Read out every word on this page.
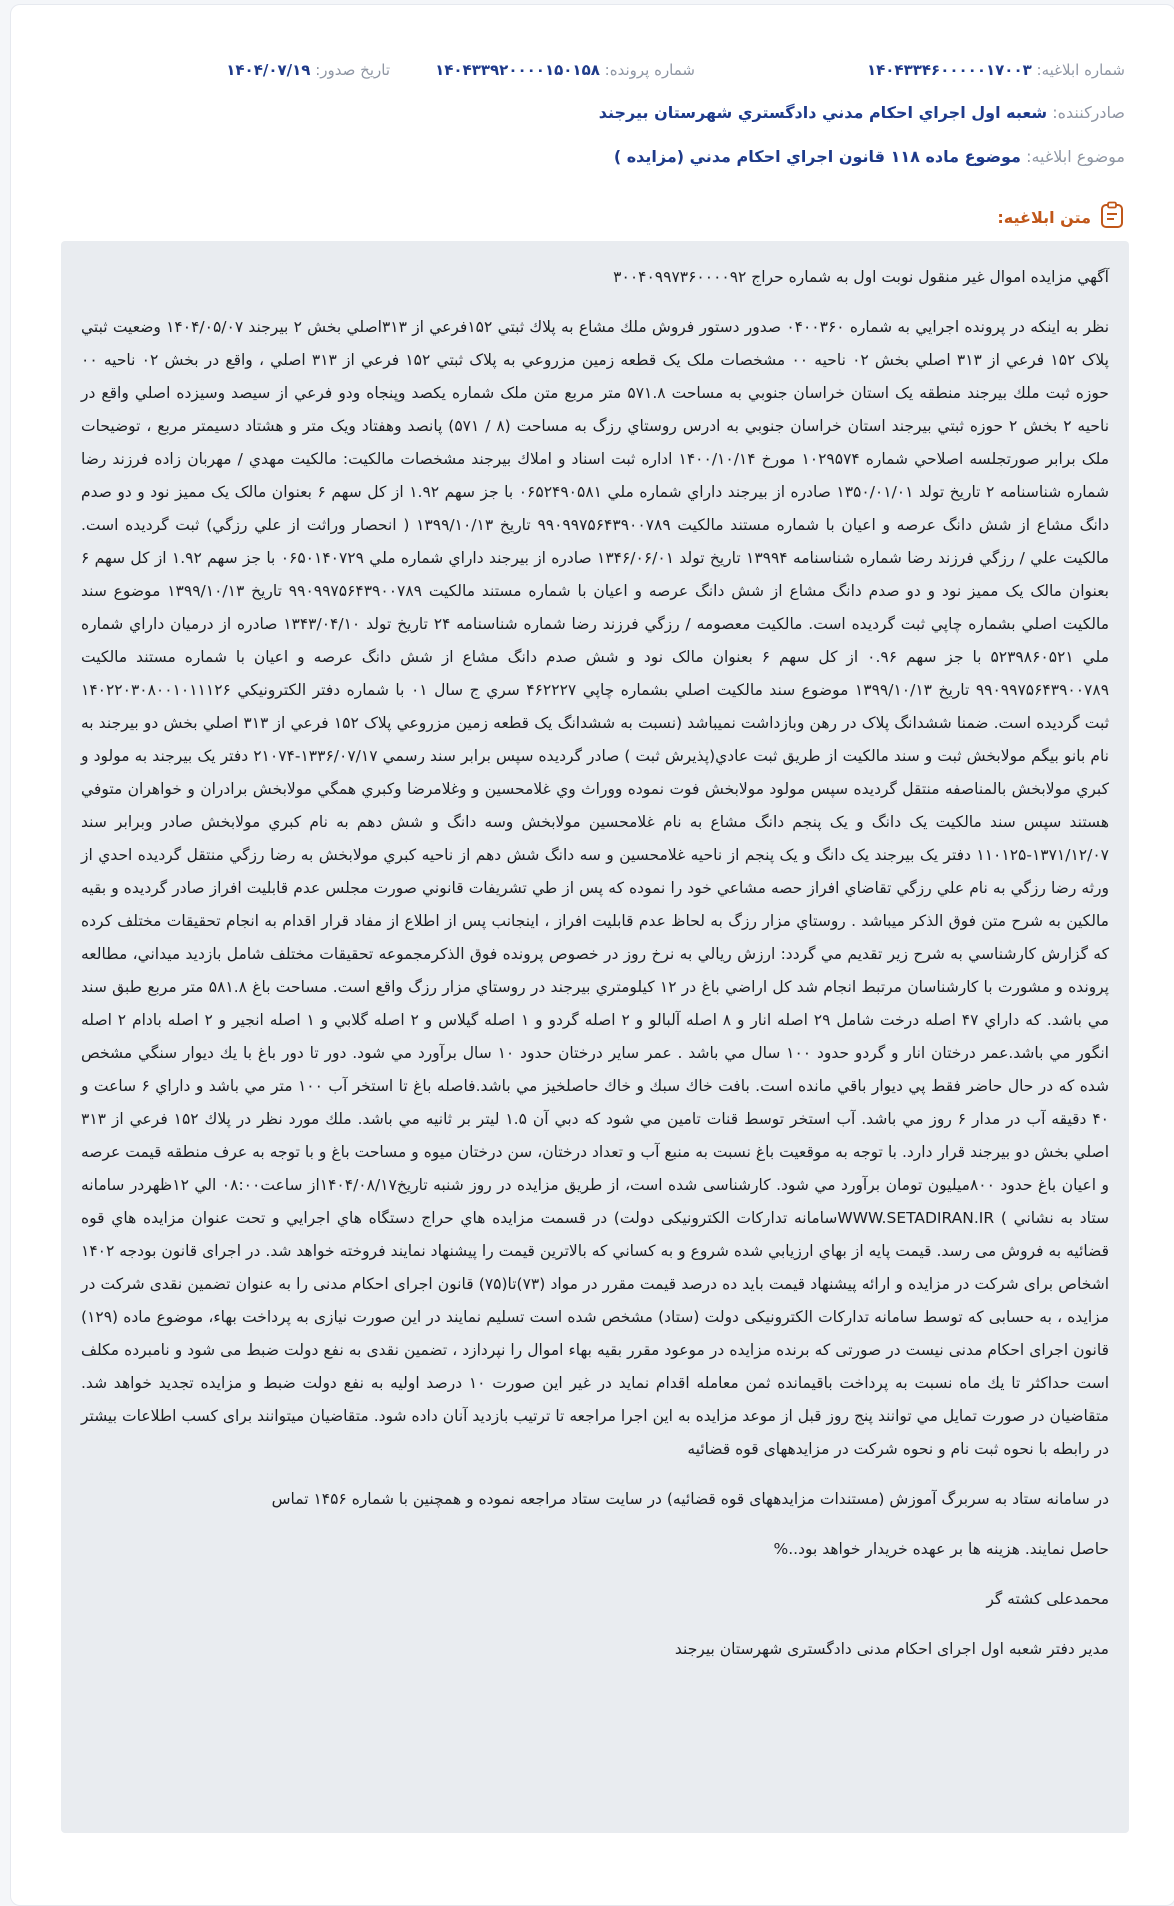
شماره ابلاغیه: ۱۴۰۴۳۳۴۶۰۰۰۰۰۱۷۰۰۳
شماره پرونده: ۱۴۰۴۳۳۹۲۰۰۰۰۱۵۰۱۵۸
تاریخ صدور: ۱۴۰۴/۰۷/۱۹
صادرکننده: شعبه اول اجراي احكام مدني دادگستري شهرستان بيرجند
موضوع ابلاغیه: موضوع ماده ۱۱۸ قانون اجراي احكام مدني (مزايده )
متن ابلاغیه:

آگهي مزايده اموال غير منقول نوبت اول به شماره حراج ۳۰۰۴۰۹۹۷۳۶۰۰۰۰۹۲

نظر به اينكه در پرونده اجرايي به شماره ۰۴۰۰۳۶۰ صدور دستور فروش ملك مشاع به پلاك ثبتي ۱۵۲فرعي از ۳۱۳اصلي بخش ۲ بيرجند ۱۴۰۴/۰۵/۰۷ وضعيت ثبتي پلاک ۱۵۲ فرعي از ۳۱۳ اصلي بخش ۰۲ ناحيه ۰۰ مشخصات ملک يک قطعه زمين مزروعي به پلاک ثبتي ۱۵۲ فرعي از ۳۱۳ اصلي ، واقع در بخش ۰۲ ناحيه ۰۰ حوزه ثبت ملك بيرجند منطقه يک استان خراسان جنوبي به مساحت ۵۷۱.۸ متر مربع متن ملک شماره يکصد وپنجاه ودو فرعي از سيصد وسيزده اصلي واقع در ناحيه ۲ بخش ۲ حوزه ثبتي بيرجند استان خراسان جنوبي به ادرس روستاي رزگ به مساحت (۸ / ۵۷۱) پانصد وهفتاد ويک متر و هشتاد دسيمتر مربع ، توضيحات ملک برابر صورتجلسه اصلاحي شماره ۱۰۲۹۵۷۴ مورخ ۱۴۰۰/۱۰/۱۴ اداره ثبت اسناد و املاك بيرجند مشخصات مالكيت: مالکيت مهدي / مهربان زاده فرزند رضا شماره شناسنامه ۲ تاريخ تولد ۱۳۵۰/۰۱/۰۱ صادره از بيرجند داراي شماره ملي ۰۶۵۲۴۹۰۵۸۱ با جز سهم ۱.۹۲ از کل سهم ۶ بعنوان مالک يک مميز نود و دو صدم دانگ مشاع از شش دانگ عرصه و اعيان با شماره مستند مالکيت ۹۹۰۹۹۷۵۶۴۳۹۰۰۷۸۹ تاريخ ۱۳۹۹/۱۰/۱۳ ( انحصار وراثت از علي رزگي) ثبت گرديده است. مالکيت علي / رزگي فرزند رضا شماره شناسنامه ۱۳۹۹۴ تاريخ تولد ۱۳۴۶/۰۶/۰۱ صادره از بيرجند داراي شماره ملي ۰۶۵۰۱۴۰۷۲۹ با جز سهم ۱.۹۲ از کل سهم ۶ بعنوان مالک يک مميز نود و دو صدم دانگ مشاع از شش دانگ عرصه و اعيان با شماره مستند مالکيت ۹۹۰۹۹۷۵۶۴۳۹۰۰۷۸۹ تاريخ ۱۳۹۹/۱۰/۱۳ موضوع سند مالكيت اصلي بشماره چاپي ثبت گرديده است. مالکيت معصومه / رزگي فرزند رضا شماره شناسنامه ۲۴ تاريخ تولد ۱۳۴۳/۰۴/۱۰ صادره از درميان داراي شماره ملي ۵۲۳۹۸۶۰۵۲۱ با جز سهم ۰.۹۶ از کل سهم ۶ بعنوان مالک نود و شش صدم دانگ مشاع از شش دانگ عرصه و اعيان با شماره مستند مالکيت ۹۹۰۹۹۷۵۶۴۳۹۰۰۷۸۹ تاريخ ۱۳۹۹/۱۰/۱۳ موضوع سند مالكيت اصلي بشماره چاپي ۴۶۲۲۲۷ سري ج سال ۰۱ با شماره دفتر الكترونيكي ۱۴۰۲۲۰۳۰۸۰۰۱۰۱۱۱۲۶ ثبت گرديده است. ضمنا ششدانگ پلاک در رهن وبازداشت نميباشد (نسبت به ششدانگ يک قطعه زمين مزروعي پلاک ۱۵۲ فرعي از ۳۱۳ اصلي بخش دو بيرجند به نام بانو بيگم مولابخش ثبت و سند مالکيت از طريق ثبت عادي(پذيرش ثبت ) صادر گرديده سپس برابر سند رسمي ۱۳۳۶/۰۷/۱۷-۲۱۰۷۴ دفتر يک بيرجند به مولود و کبري مولابخش بالمناصفه منتقل گرديده سپس مولود مولابخش فوت نموده ووراث وي غلامحسين و وغلامرضا وکبري همگي مولابخش برادران و خواهران متوفي هستند سپس سند مالکيت يک دانگ و يک پنجم دانگ مشاع به نام غلامحسين مولابخش وسه دانگ و شش دهم به نام کبري مولابخش صادر وبرابر سند ۱۳۷۱/۱۲/۰۷-۱۱۰۱۲۵ دفتر يک بيرجند يک دانگ و يک پنجم از ناحيه غلامحسين و سه دانگ شش دهم از ناحيه کبري مولابخش به رضا رزگي منتقل گرديده احدي از ورثه رضا رزگي به نام علي رزگي تقاضاي افراز حصه مشاعي خود را نموده كه پس از طي تشريفات قانوني صورت مجلس عدم قابليت افراز صادر گرديده و بقيه مالکين به شرح متن فوق الذكر ميباشد . روستاي مزار رزگ به لحاظ عدم قابليت افراز ، اينجانب پس از اطلاع از مفاد قرار اقدام به انجام تحقيقات مختلف کرده که گزارش کارشناسي به شرح زير تقديم مي گردد: ارزش ريالي به نرخ روز در خصوص پرونده فوق الذكرمجموعه تحقيقات مختلف شامل بازديد ميداني، مطالعه پرونده و مشورت با کارشناسان مرتبط انجام شد کل اراضي باغ در ۱۲ کيلومتري بيرجند در روستاي مزار رزگ واقع است. مساحت باغ ۵۸۱.۸ متر مربع طبق سند مي باشد. که داراي ۴۷ اصله درخت شامل ۲۹ اصله انار و ۸ اصله آلبالو و ۲ اصله گردو و ۱ اصله گيلاس و ۲ اصله گلابي و ۱ اصله انجير و ۲ اصله بادام ۲ اصله انگور مي باشد.عمر درختان انار و گردو حدود ۱۰۰ سال مي باشد . عمر ساير درختان حدود ۱۰ سال برآورد مي شود. دور تا دور باغ با يك ديوار سنگي مشخص شده كه در حال حاضر فقط پي ديوار باقي مانده است. بافت خاك سبك و خاك حاصلخيز مي باشد.فاصله باغ تا استخر آب ۱۰۰ متر مي باشد و داراي ۶ ساعت و ۴۰ دقيقه آب در مدار ۶ روز مي باشد. آب استخر توسط قنات تامين مي شود كه دبي آن ۱.۵ ليتر بر ثانيه مي باشد. ملك مورد نظر در پلاك ۱۵۲ فرعي از ۳۱۳ اصلي بخش دو بيرجند قرار دارد. با توجه به موقعيت باغ نسبت به منبع آب و تعداد درختان، سن درختان ميوه و مساحت باغ و با توجه به عرف منطقه قيمت عرصه و اعيان باغ حدود ۸۰۰ميليون تومان برآورد مي شود. کارشناسی شده است، از طريق مزايده در روز شنبه تاريخ۱۴۰۴/۰۸/۱۷از ساعت۰۸:۰۰ الي ۱۲ظهردر سامانه ستاد به نشاني ) WWW.SETADIRAN.IRسامانه تداركات الكترونيكی دولت) در قسمت مزايده هاي حراج دستگاه هاي اجرايي و تحت عنوان مزايده هاي قوه قضائيه به فروش مى رسد. قيمت پايه از بهاي ارزيابي شده شروع و به كساني كه بالاترين قيمت را پيشنهاد نمايند فروخته خواهد شد. در اجرای قانون بودجه ۱۴۰۲ اشخاص برای شرکت در مزایده و ارائه پیشنهاد قیمت باید ده درصد قیمت مقرر در مواد (۷۳)تا(۷۵) قانون اجرای احکام مدنی را به عنوان تضمین نقدی شرکت در مزایده ، به حسابی که توسط سامانه تدارکات الکترونیکی دولت (ستاد) مشخص شده است تسلیم نمایند در این صورت نیازی به پرداخت بهاء، موضوع ماده (۱۲۹) قانون اجرای احکام مدنی نیست در صورتی که برنده مزایده در موعود مقرر بقیه بهاء اموال را نپردازد ، تضمین نقدی به نفع دولت ضبط می شود و نامبرده مکلف است حداكثر تا یك ماه نسبت به پرداخت باقیمانده ثمن معامله اقدام نماید در غیر این صورت ۱۰ درصد اولیه به نفع دولت ضبط و مزایده تجدید خواهد شد. متقاضيان در صورت تمايل مي توانند پنج روز قبل از موعد مزایده به این اجرا مراجعه تا ترتیب بازدید آنان داده شود. متقاضیان میتوانند برای کسب اطلاعات بیشتر در رابطه با نحوه ثبت نام و نحوه شرکت در مزایدههای قوه قضائیه

در سامانه ستاد به سربرگ آموزش (مستندات مزایدههای قوه قضائیه) در سایت ستاد مراجعه نموده و همچنین با شماره ۱۴۵۶ تماس

حاصل نمایند. هزینه ها بر عهده خریدار خواهد بود..%

محمدعلی کشته گر

مدیر دفتر شعبه اول اجرای احکام مدنی دادگستری شهرستان بیرجند
